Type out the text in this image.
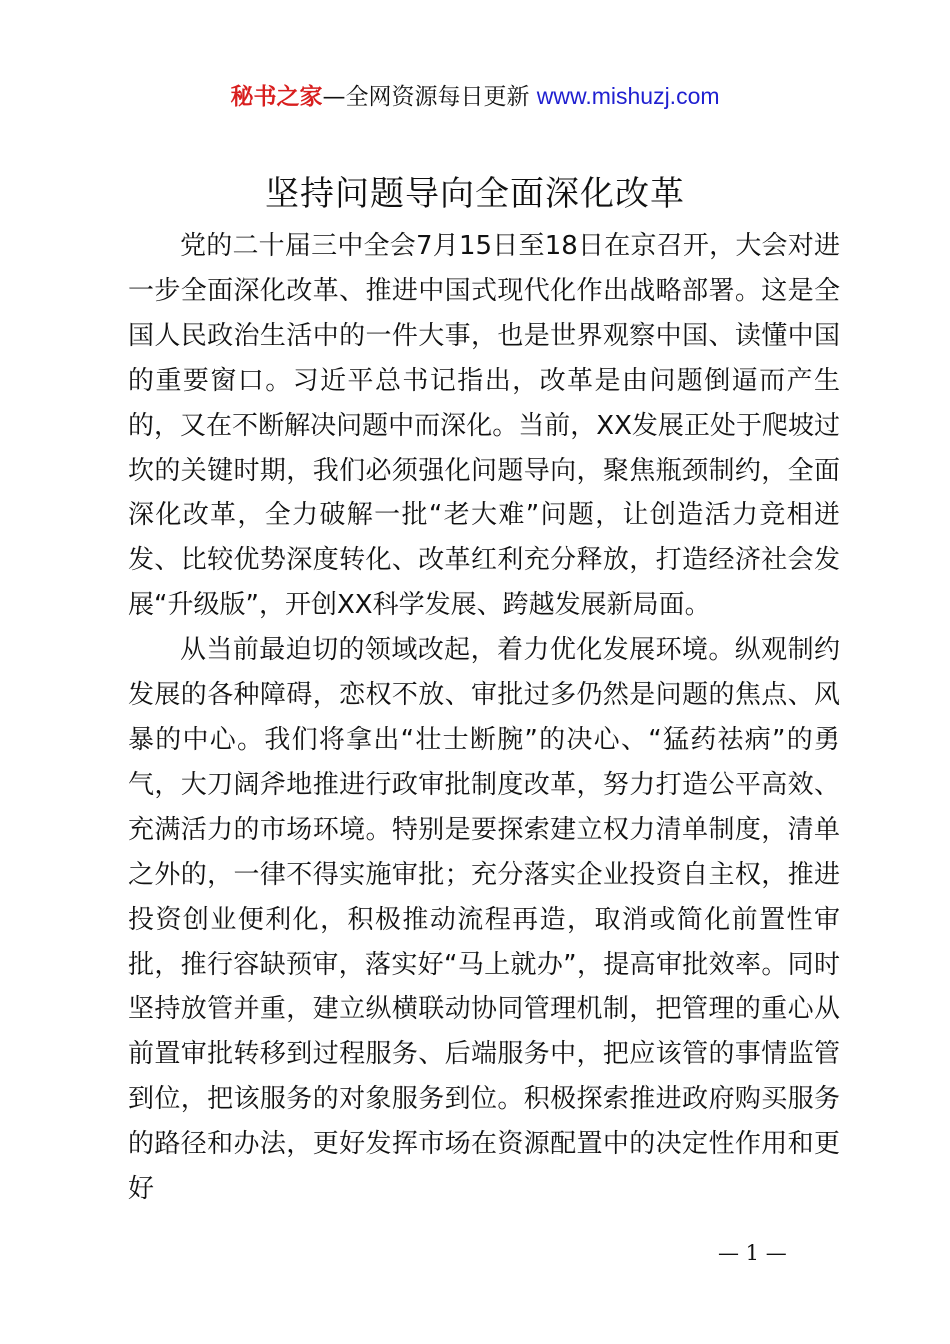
秘书之家—全网资源每日更新 www.mishuzj.com
坚持问题导向全面深化改革

党的二十届三中全会7月15日至18日在京召开，大会对进一步全面深化改革、推进中国式现代化作出战略部署。这是全国人民政治生活中的一件大事，也是世界观察中国、读懂中国的重要窗口。习近平总书记指出，改革是由问题倒逼而产生的，又在不断解决问题中而深化。当前，XX发展正处于爬坡过坎的关键时期，我们必须强化问题导向，聚焦瓶颈制约，全面深化改革，全力破解一批“老大难”问题，让创造活力竞相迸发、比较优势深度转化、改革红利充分释放，打造经济社会发展“升级版”，开创XX科学发展、跨越发展新局面。

从当前最迫切的领域改起，着力优化发展环境。纵观制约发展的各种障碍，恋权不放、审批过多仍然是问题的焦点、风暴的中心。我们将拿出“壮士断腕”的决心、“猛药祛病”的勇气，大刀阔斧地推进行政审批制度改革，努力打造公平高效、充满活力的市场环境。特别是要探索建立权力清单制度，清单之外的，一律不得实施审批；充分落实企业投资自主权，推进投资创业便利化，积极推动流程再造，取消或简化前置性审批，推行容缺预审，落实好“马上就办”，提高审批效率。同时坚持放管并重，建立纵横联动协同管理机制，把管理的重心从前置审批转移到过程服务、后端服务中，把应该管的事情监管到位，把该服务的对象服务到位。积极探索推进政府购买服务的路径和办法，更好发挥市场在资源配置中的决定性作用和更好

— 1 —
